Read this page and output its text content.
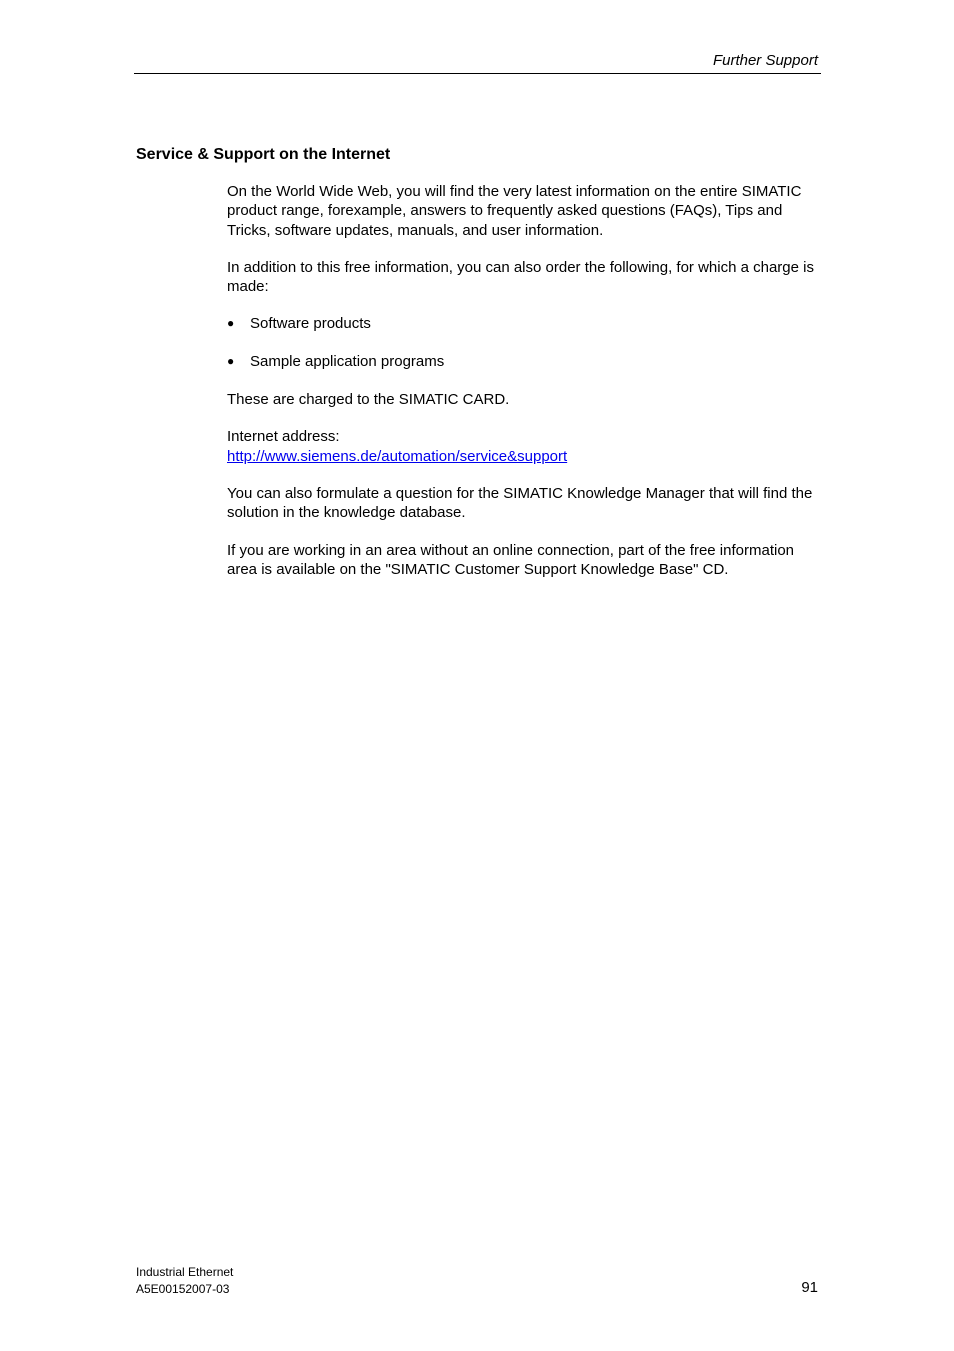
Further Support
Service & Support on the Internet

On the World Wide Web, you will find the very latest information on the entire SIMATIC product range, forexample, answers to frequently asked questions (FAQs), Tips and Tricks, software updates, manuals, and user information.

In addition to this free information, you can also order the following, for which a charge is made:

●	Software products
●	Sample application programs

These are charged to the SIMATIC CARD.

Internet address:
http://www.siemens.de/automation/service&support

You can also formulate a question for the SIMATIC Knowledge Manager that will find the solution in the knowledge database.

If you are working in an area without an online connection, part of the free information area is available on the "SIMATIC Customer Support Knowledge Base" CD.

Industrial Ethernet
A5E00152007-03	91
